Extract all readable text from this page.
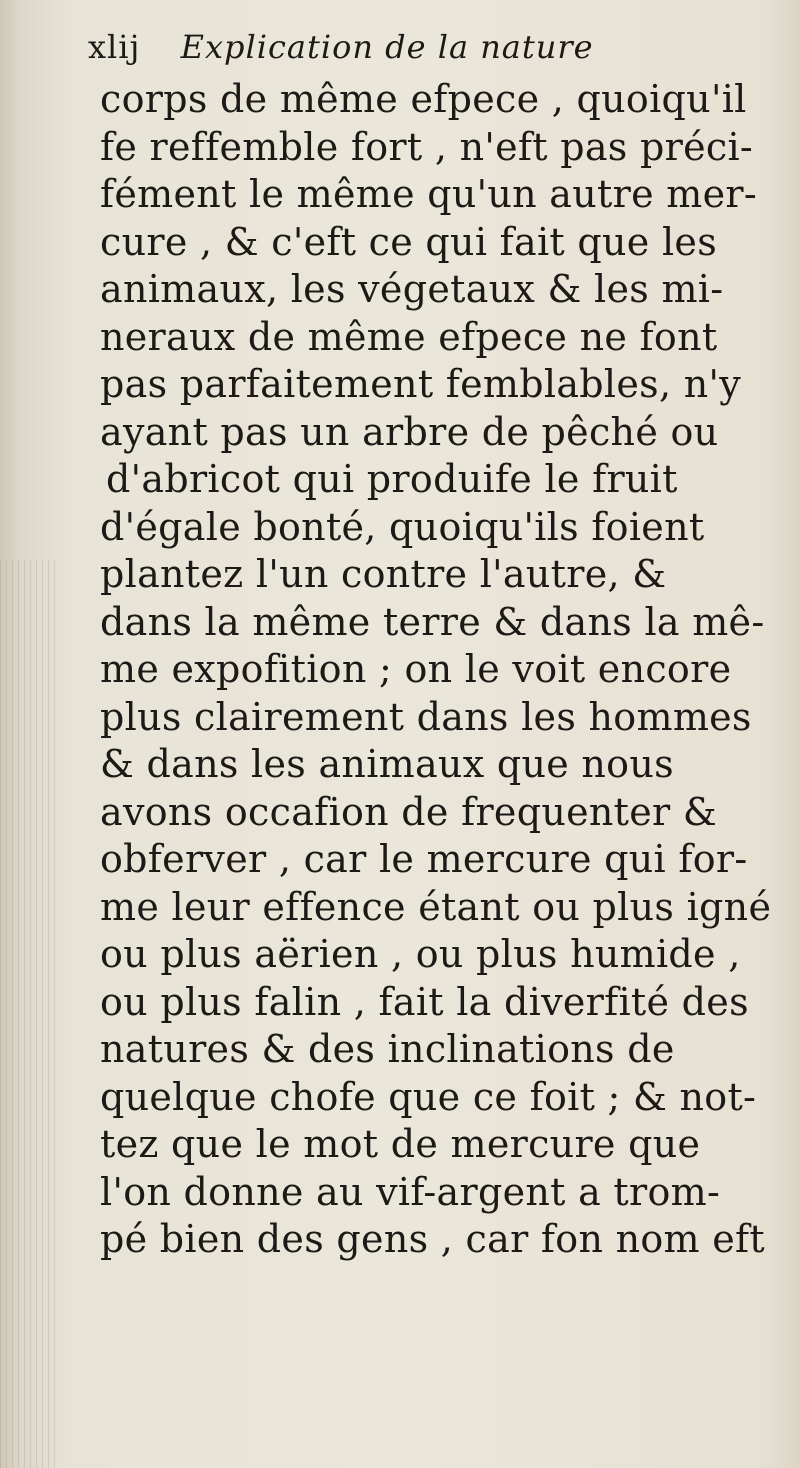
xlij Explication de la nature
corps de même efpece , quoiqu'il
fe reffemble fort , n'eft pas préci-
fément le même qu'un autre mer-
cure , & c'eft ce qui fait que les
animaux, les végetaux & les mi-
neraux de même efpece ne font
pas parfaitement femblables, n'y
ayant pas un arbre de pêché ou
d'abricot qui produife le fruit
d'égale bonté, quoiqu'ils foient
plantez l'un contre l'autre, &
dans la même terre & dans la mê-
me expofition ; on le voit encore
plus clairement dans les hommes
& dans les animaux que nous
avons occafion de frequenter &
obferver , car le mercure qui for-
me leur effence étant ou plus igné
ou plus aërien , ou plus humide ,
ou plus falin , fait la diverfité des
natures & des inclinations de
quelque chofe que ce foit ; & not-
tez que le mot de mercure que
l'on donne au vif-argent a trom-
pé bien des gens , car fon nom eft
